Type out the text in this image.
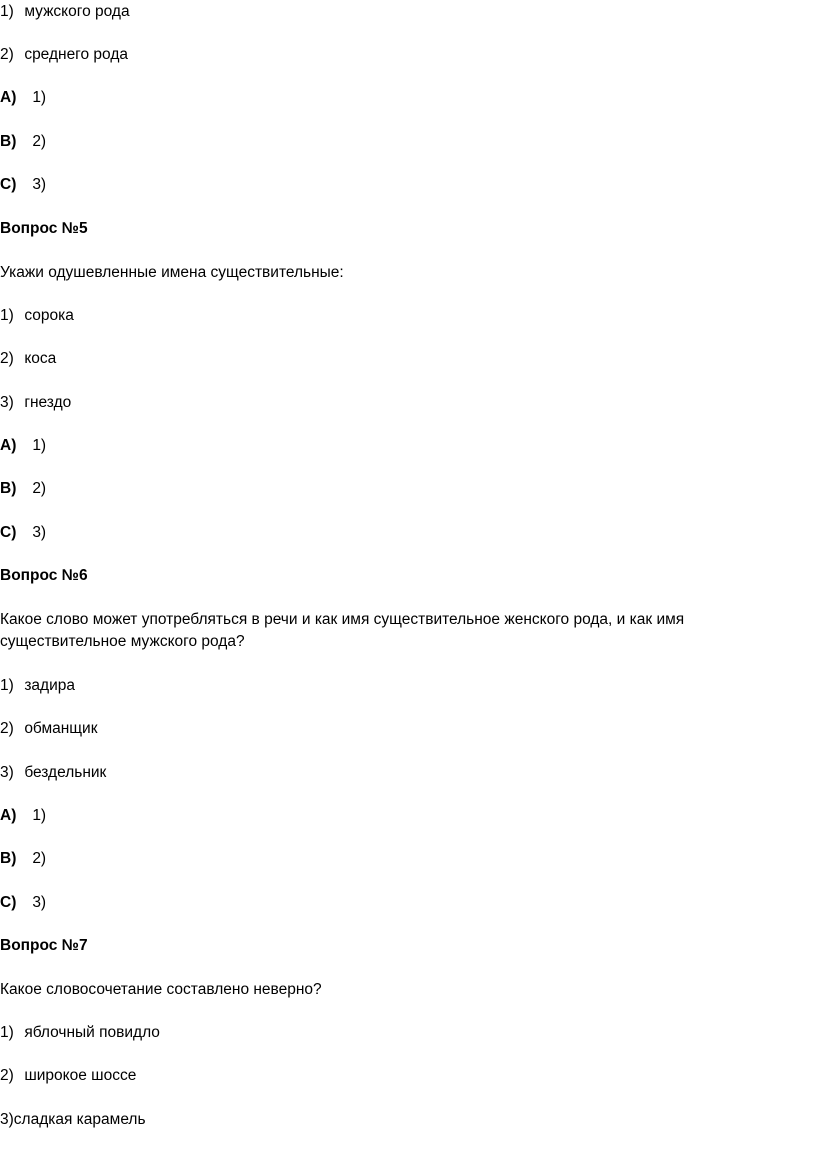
1) мужского рода
2) среднего рода
A) 1)
B) 2)
C) 3)
Вопрос №5
Укажи одушевленные имена существительные:
1) сорока
2) коса
3) гнездо
A) 1)
B) 2)
C) 3)
Вопрос №6
Какое слово может употребляться в речи и как имя существительное женского рода, и как имя существительное мужского рода?
1) задира
2) обманщик
3) бездельник
A) 1)
B) 2)
C) 3)
Вопрос №7
Какое словосочетание составлено неверно?
1) яблочный повидло
2) широкое шоссе
3)сладкая карамель
